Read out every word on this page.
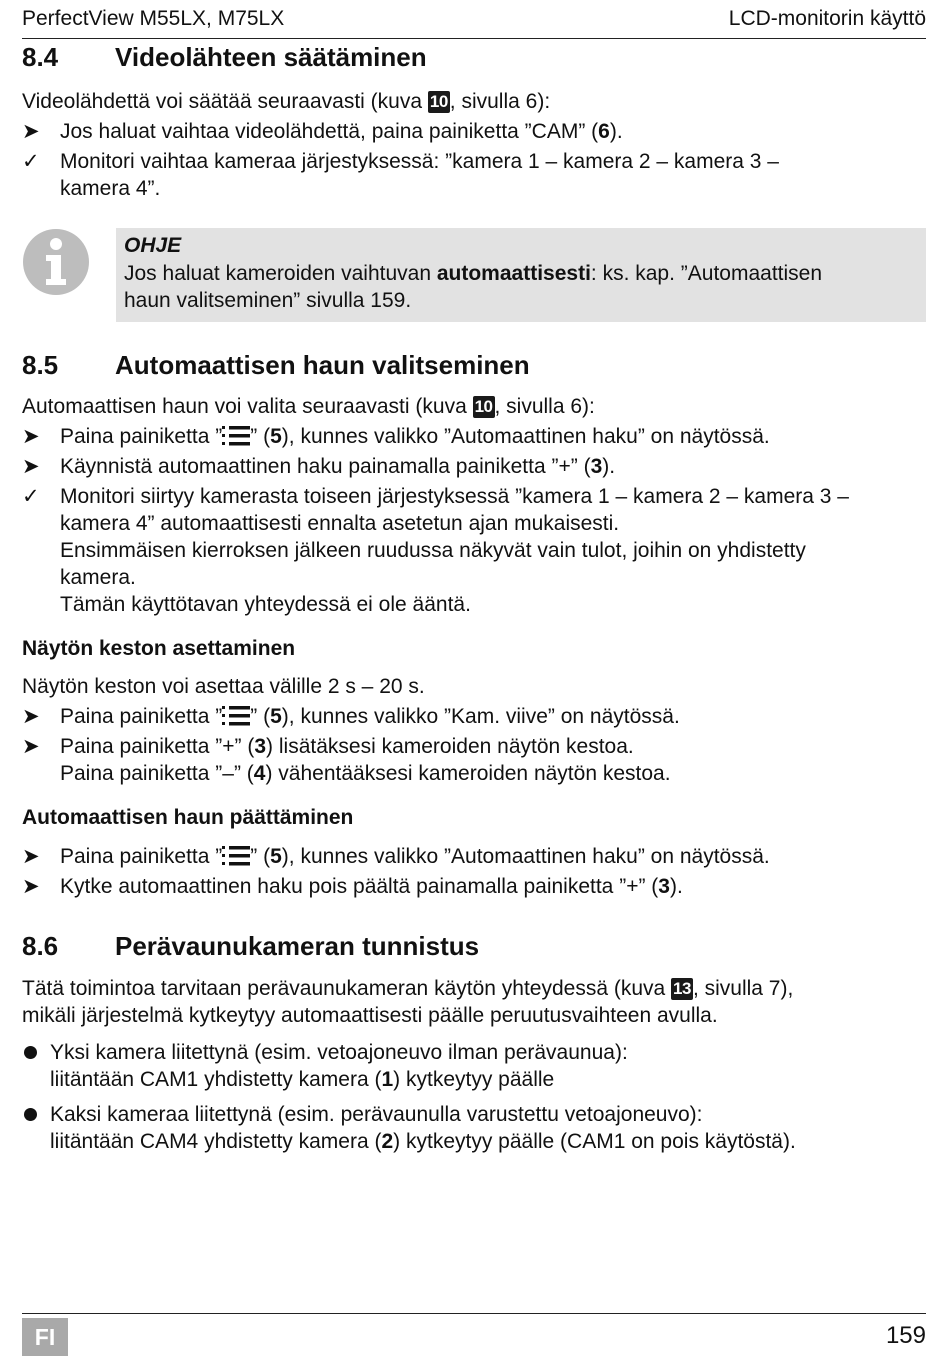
PerfectView M55LX, M75LX	LCD-monitorin käyttö
8.4 Videolähteen säätäminen
Videolähdettä voi säätää seuraavasti (kuva 10, sivulla 6):
➤ Jos haluat vaihtaa videolähdettä, paina painiketta ”CAM” (6).
✓ Monitori vaihtaa kameraa järjestyksessä: ”kamera 1 – kamera 2 – kamera 3 –
kamera 4”.
OHJE
Jos haluat kameroiden vaihtuvan automaattisesti: ks. kap. ”Automaattisen
haun valitseminen” sivulla 159.
8.5 Automaattisen haun valitseminen
Automaattisen haun voi valita seuraavasti (kuva 10, sivulla 6):
➤ Paina painiketta ” ” (5), kunnes valikko ”Automaattinen haku” on näytössä.
➤ Käynnistä automaattinen haku painamalla painiketta ”+” (3).
✓ Monitori siirtyy kamerasta toiseen järjestyksessä ”kamera 1 – kamera 2 – kamera 3 –
kamera 4” automaattisesti ennalta asetetun ajan mukaisesti.
Ensimmäisen kierroksen jälkeen ruudussa näkyvät vain tulot, joihin on yhdistetty
kamera.
Tämän käyttötavan yhteydessä ei ole ääntä.
Näytön keston asettaminen
Näytön keston voi asettaa välille 2 s – 20 s.
➤ Paina painiketta ” ” (5), kunnes valikko ”Kam. viive” on näytössä.
➤ Paina painiketta ”+” (3) lisätäksesi kameroiden näytön kestoa.
Paina painiketta ”–” (4) vähentääksesi kameroiden näytön kestoa.
Automaattisen haun päättäminen
➤ Paina painiketta ” ” (5), kunnes valikko ”Automaattinen haku” on näytössä.
➤ Kytke automaattinen haku pois päältä painamalla painiketta ”+” (3).
8.6 Perävaunukameran tunnistus
Tätä toimintoa tarvitaan perävaunukameran käytön yhteydessä (kuva 13, sivulla 7),
mikäli järjestelmä kytkeytyy automaattisesti päälle peruutusvaihteen avulla.
Yksi kamera liitettynä (esim. vetoajoneuvo ilman perävaunua):
liitäntään CAM1 yhdistetty kamera (1) kytkeytyy päälle
Kaksi kameraa liitettynä (esim. perävaunulla varustettu vetoajoneuvo):
liitäntään CAM4 yhdistetty kamera (2) kytkeytyy päälle (CAM1 on pois käytöstä).
FI	159
